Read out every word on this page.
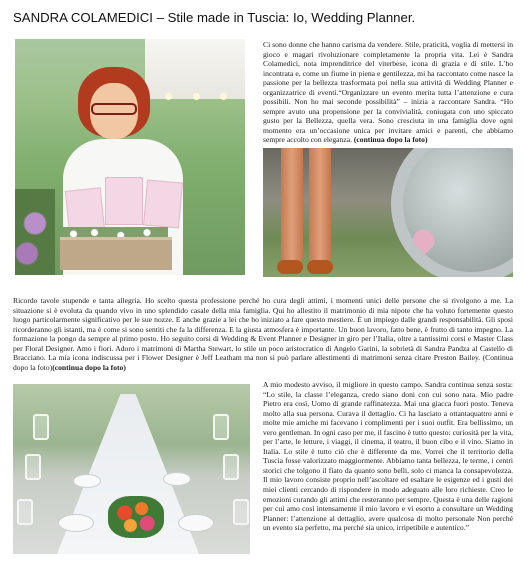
SANDRA COLAMEDICI – Stile made in Tuscia: Io, Wedding Planner.

Ci sono donne che hanno carisma da vendere. Stile, praticità, voglia di mettersi in gioco e magari rivoluzionare completamente la propria vita. Lei è Sandra Colamedici, nota imprenditrice del viterbese, icona di grazia e di stile. L’ho incontrata e, come un fiume in piena e gentilezza, mi ha raccontato come nasce la passione per la bellezza trasformata poi nella sua attività di Wedding Planner e organizzatrice di eventi.“Organizzare un evento merita tutta l’attenzione e cura possibili. Non ho mai seconde possibilità” – inizia a raccontare Sandra. “Ho sempre avuto una propensione per la convivialità, coniugata con uno spiccato gusto per la Bellezza, quella vera. Sono cresciuta in una famiglia dove ogni momento era un’occasione unica per invitare amici e parenti, che abbiamo sempre accolto con eleganza. (continua dopo la foto)

Ricordo tavole stupende e tanta allegria. Ho scelto questa professione perché ho cura degli attimi, i momenti unici delle persone che si rivolgono a me. La situazione si è evoluta da quando vivo in uno splendido casale della mia famiglia. Qui ho allestito il matrimonio di mia nipote che ha voluto fortemente questo luogo particolarmente significativo per le sue nozze. E anche grazie a lei che ho iniziato a fare questo mestiere. È un impiego dalle grandi responsabilità. Gli sposi ricorderanno gli istanti, ma è come si sono sentiti che fa la differenza. E la giusta atmosfera è importante. Un buon lavoro, fatto bene, è frutto di tanto impegno. La formazione la pongo da sempre al primo posto. Ho seguito corsi di Wedding & Event Planner e Designer in giro per l’Italia, oltre a tantissimi corsi e Master Class per Floral Designer. Amo i fiori. Adoro i matrimoni di Martha Stewart, lo stile un poco aristocratico di Angelo Garini, la sobrietà di Sandra Pandza al Castello di Bracciano. La mia icona indiscussa per i Flower Designer è Jeff Leatham ma non si può parlare allestimenti di matrimoni senza citare Preston Bailey. (Continua dopo la foto)(continua dopo la foto)

A mio modesto avviso, il migliore in questo campo. Sandra continua senza sosta: “Lo stile, la classe l’eleganza, credo siano doni con cui sono nata. Mio padre Pietro era così, Uomo di grande raffinatezza. Mai una giacca fuori posto. Teneva molto alla sua persona. Curava il dettaglio. Ci ha lasciato a ottantaquattro anni e molte mie amiche mi facevano i complimenti per i suoi outfit. Era bellissimo, un vero gentleman. In ogni caso per me, il fascino è tutto questo: curiosità per la vita, per l’arte, le letture, i viaggi, il cinema, il teatro, il buon cibo e il vino. Siamo in Italia. Lo stile è tutto ciò che è differente da me. Vorrei che il territorio della Tuscia fosse valorizzato maggiormente. Abbiamo tanta bellezza, le terme, i centri storici che tolgono il fiato da quanto sono belli, solo ci manca la consapevolezza. Il mio lavoro consiste proprio nell’ascoltare ed esaltare le esigenze ed i gusti dei miei clienti cercando di rispondere in modo adeguato alle loro richieste. Creo le emozioni curando gli attimi che resteranno per sempre. Questa è una delle ragioni per cui amo così intensamente il mio lavoro e vi esorto a consultare un Wedding Planner: l’attenzione al dettaglio, avere qualcosa di molto personale Non perché un evento sia perfetto, ma perché sia unico, irripetibile e autentico.”
